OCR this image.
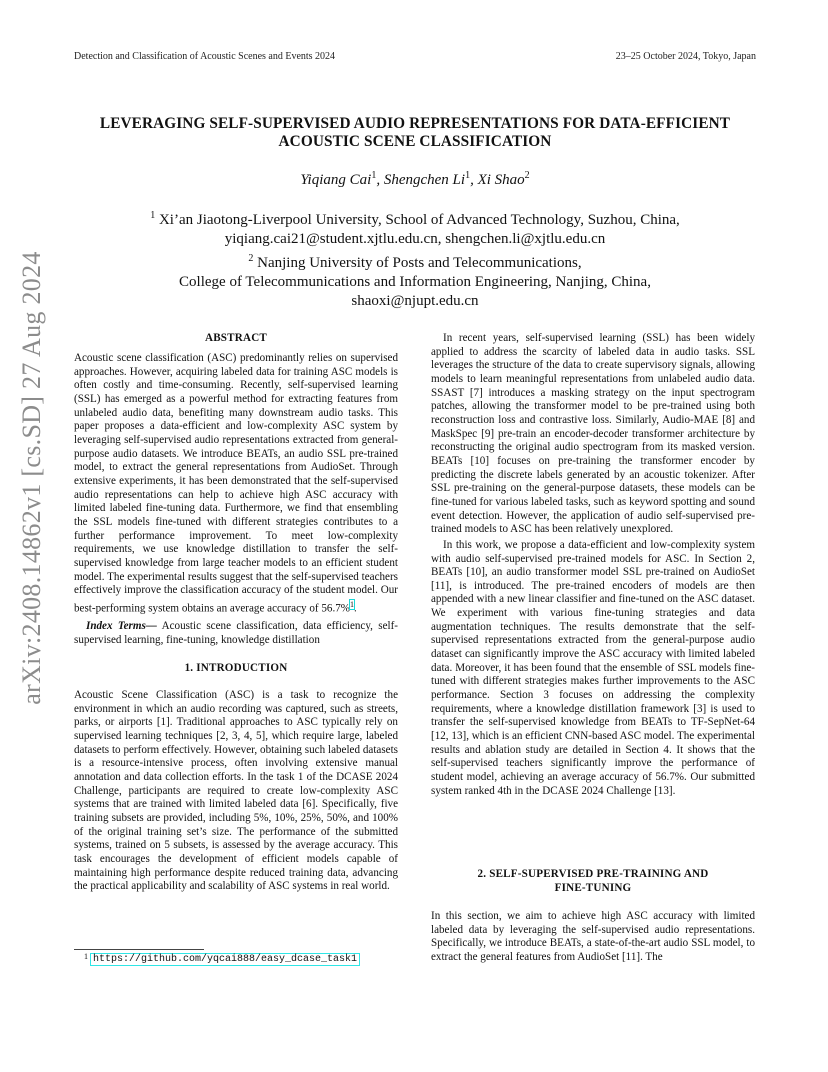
Detection and Classification of Acoustic Scenes and Events 2024	23–25 October 2024, Tokyo, Japan
arXiv:2408.14862v1 [cs.SD] 27 Aug 2024
LEVERAGING SELF-SUPERVISED AUDIO REPRESENTATIONS FOR DATA-EFFICIENT
ACOUSTIC SCENE CLASSIFICATION
Yiqiang Cai$^1$, Shengchen Li$^1$, Xi Shao$^2$
$^1$ Xi’an Jiaotong-Liverpool University, School of Advanced Technology, Suzhou, China,
yiqiang.cai21@student.xjtlu.edu.cn, shengchen.li@xjtlu.edu.cn
$^2$ Nanjing University of Posts and Telecommunications,
College of Telecommunications and Information Engineering, Nanjing, China,
shaoxi@njupt.edu.cn
ABSTRACT

Acoustic scene classification (ASC) predominantly relies on supervised approaches. However, acquiring labeled data for training ASC models is often costly and time-consuming. Recently, self-supervised learning (SSL) has emerged as a powerful method for extracting features from unlabeled audio data, benefiting many downstream audio tasks. This paper proposes a data-efficient and low-complexity ASC system by leveraging self-supervised audio representations extracted from general-purpose audio datasets. We introduce BEATs, an audio SSL pre-trained model, to extract the general representations from AudioSet. Through extensive experiments, it has been demonstrated that the self-supervised audio representations can help to achieve high ASC accuracy with limited labeled fine-tuning data. Furthermore, we find that ensembling the SSL models fine-tuned with different strategies contributes to a further performance improvement. To meet low-complexity requirements, we use knowledge distillation to transfer the self-supervised knowledge from large teacher models to an efficient student model. The experimental results suggest that the self-supervised teachers effectively improve the classification accuracy of the student model. Our best-performing system obtains an average accuracy of 56.7%$^1$.

Index Terms— Acoustic scene classification, data efficiency, self-supervised learning, fine-tuning, knowledge distillation

1. INTRODUCTION

Acoustic Scene Classification (ASC) is a task to recognize the environment in which an audio recording was captured, such as streets, parks, or airports [1]. Traditional approaches to ASC typically rely on supervised learning techniques [2, 3, 4, 5], which require large, labeled datasets to perform effectively. However, obtaining such labeled datasets is a resource-intensive process, often involving extensive manual annotation and data collection efforts. In the task 1 of the DCASE 2024 Challenge, participants are required to create low-complexity ASC systems that are trained with limited labeled data [6]. Specifically, five training subsets are provided, including 5%, 10%, 25%, 50%, and 100% of the original training set’s size. The performance of the submitted systems, trained on 5 subsets, is assessed by the average accuracy. This task encourages the development of efficient models capable of maintaining high performance despite reduced training data, advancing the practical applicability and scalability of ASC systems in real world.

1 https://github.com/yqcai888/easy_dcase_task1

In recent years, self-supervised learning (SSL) has been widely applied to address the scarcity of labeled data in audio tasks. SSL leverages the structure of the data to create supervisory signals, allowing models to learn meaningful representations from unlabeled audio data. SSAST [7] introduces a masking strategy on the input spectrogram patches, allowing the transformer model to be pre-trained using both reconstruction loss and contrastive loss. Similarly, Audio-MAE [8] and MaskSpec [9] pre-train an encoder-decoder transformer architecture by reconstructing the original audio spectrogram from its masked version. BEATs [10] focuses on pre-training the transformer encoder by predicting the discrete labels generated by an acoustic tokenizer. After SSL pre-training on the general-purpose datasets, these models can be fine-tuned for various labeled tasks, such as keyword spotting and sound event detection. However, the application of audio self-supervised pre-trained models to ASC has been relatively unexplored.

In this work, we propose a data-efficient and low-complexity system with audio self-supervised pre-trained models for ASC. In Section 2, BEATs [10], an audio transformer model SSL pre-trained on AudioSet [11], is introduced. The pre-trained encoders of models are then appended with a new linear classifier and fine-tuned on the ASC dataset. We experiment with various fine-tuning strategies and data augmentation techniques. The results demonstrate that the self-supervised representations extracted from the general-purpose audio dataset can significantly improve the ASC accuracy with limited labeled data. Moreover, it has been found that the ensemble of SSL models fine-tuned with different strategies makes further improvements to the ASC performance. Section 3 focuses on addressing the complexity requirements, where a knowledge distillation framework [3] is used to transfer the self-supervised knowledge from BEATs to TF-SepNet-64 [12, 13], which is an efficient CNN-based ASC model. The experimental results and ablation study are detailed in Section 4. It shows that the self-supervised teachers significantly improve the performance of student model, achieving an average accuracy of 56.7%. Our submitted system ranked 4th in the DCASE 2024 Challenge [13].

2. SELF-SUPERVISED PRE-TRAINING AND
FINE-TUNING

In this section, we aim to achieve high ASC accuracy with limited labeled data by leveraging the self-supervised audio representations. Specifically, we introduce BEATs, a state-of-the-art audio SSL model, to extract the general features from AudioSet [11]. The
